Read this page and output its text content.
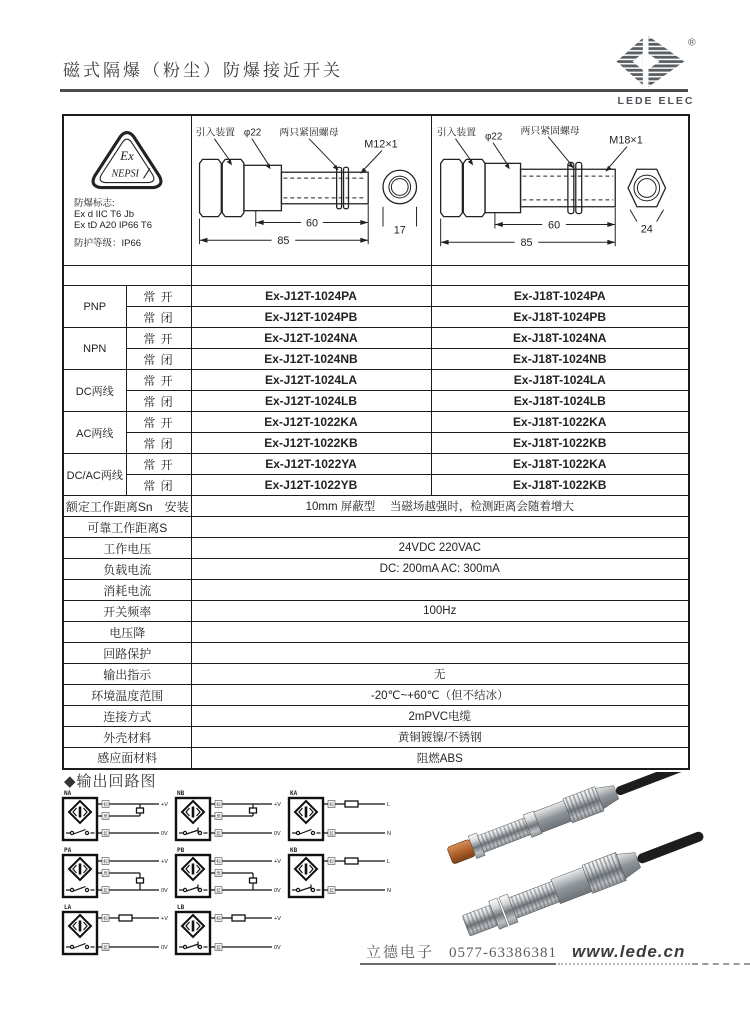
磁式隔爆（粉尘）防爆接近开关
®
LEDE ELEC
Ex
NEPSI
防爆标志:
Ex d IIC T6 Jb
Ex tD A20 IP66 T6
防护等级：IP66

引入装置 φ22 两只紧固螺母
M12×1
60
85
17

引入装置 φ22
两只紧固螺母
M18×1
60
85
24

PNP	常 开	Ex-J12T-1024PA	Ex-J18T-1024PA
	常 闭	Ex-J12T-1024PB	Ex-J18T-1024PB
NPN	常 开	Ex-J12T-1024NA	Ex-J18T-1024NA
	常 闭	Ex-J12T-1024NB	Ex-J18T-1024NB
DC两线	常 开	Ex-J12T-1024LA	Ex-J18T-1024LA
	常 闭	Ex-J12T-1024LB	Ex-J18T-1024LB
AC两线	常 开	Ex-J12T-1022KA	Ex-J18T-1022KA
	常 闭	Ex-J12T-1022KB	Ex-J18T-1022KB
DC/AC两线	常 开	Ex-J12T-1022YA	Ex-J18T-1022KA
	常 闭	Ex-J12T-1022YB	Ex-J18T-1022KB
额定工作距离Sn　安装		10mm 屏蔽型　 当磁场越强时，检测距离会随着增大	
可靠工作距离S			
工作电压		24VDC 220VAC	
负载电流		DC: 200mA AC: 300mA	
消耗电流			
开关频率		100Hz	
电压降			
回路保护			
输出指示		无	
环境温度范围		-20℃~+60℃（但不结冰）	
连接方式		2mPVC电缆	
外壳材料		黄铜镀镍/不锈钢	
感应面材料		阻燃ABS	
◆输出回路图
NA
棕
黑
蓝
+V
0V
NB
棕
黑
蓝
+V
0V
KA
棕
蓝
L
N
PA
棕
黑
蓝
+V
0V
PB
棕
黑
蓝
+V
0V
KB
棕
蓝
L
N
LA
棕
蓝
+V
0V
LB
棕
蓝
+V
0V	立德电子 0577-63386381 www.lede.cn
